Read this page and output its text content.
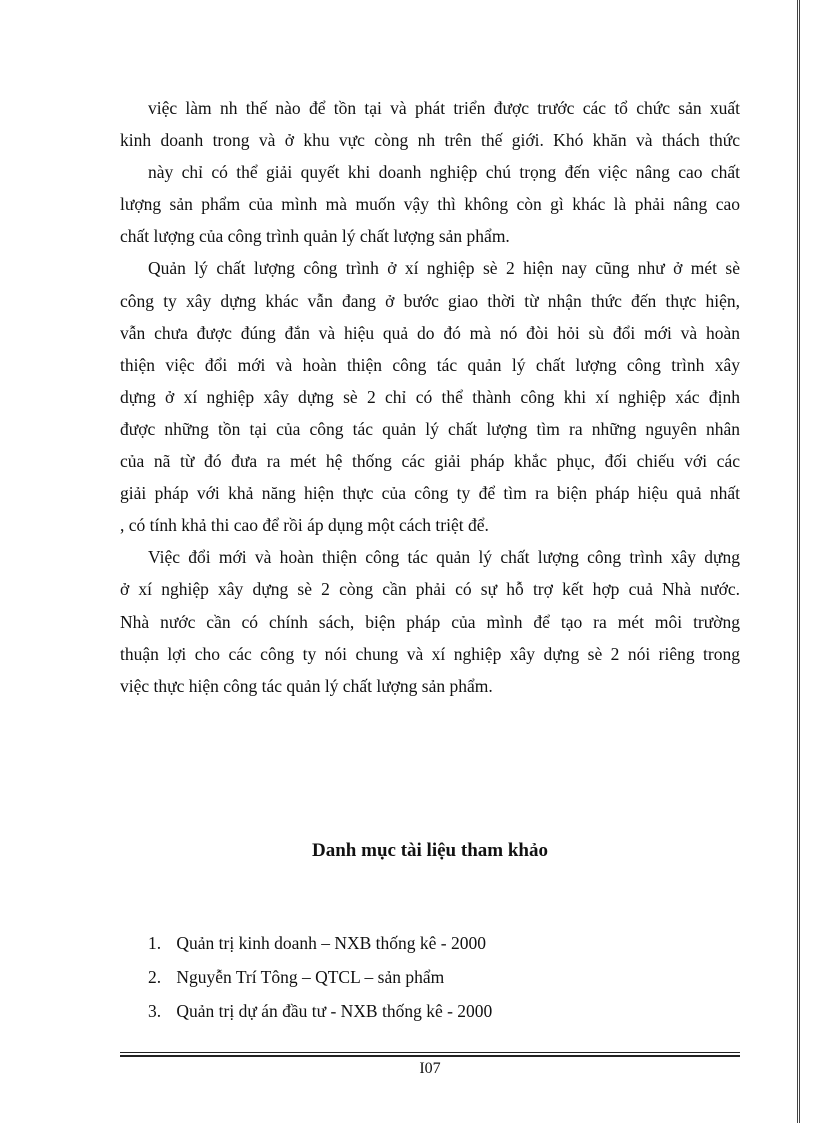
việc làm nh thế nào để tồn tại và phát triển được trước các tổ chức sản xuất
kinh doanh trong và ở khu vực còng nh trên thế giới. Khó khăn và thách thức
này chỉ có thể giải quyết khi doanh nghiệp chú trọng đến việc nâng cao chất
lượng sản phẩm của mình mà muốn vậy thì không còn gì khác là phải nâng cao
chất lượng của công trình quản lý chất lượng sản phẩm.
Quản lý chất lượng công trình ở xí nghiệp sè 2 hiện nay cũng như ở mét sè
công ty xây dựng khác vẫn đang ở bước giao thời từ nhận thức đến thực hiện,
vẫn chưa được đúng đắn và hiệu quả do đó mà nó đòi hỏi sù đổi mới và hoàn
thiện việc đổi mới và hoàn thiện công tác quản lý chất lượng công trình xây
dựng ở xí nghiệp xây dựng sè 2 chỉ có thể thành công khi xí nghiệp xác định
được những tồn tại của công tác quản lý chất lượng tìm ra những nguyên nhân
của nã từ đó đưa ra mét hệ thống các giải pháp khắc phục, đối chiếu với các
giải pháp với khả năng hiện thực của công ty để tìm ra biện pháp hiệu quả nhất
, có tính khả thi cao để rồi áp dụng một cách triệt để.
Việc đổi mới và hoàn thiện công tác quản lý chất lượng công trình xây dựng
ở xí nghiệp xây dựng sè 2 còng cần phải có sự hỗ trợ kết hợp cuả Nhà nước.
Nhà nước cần có chính sách, biện pháp của mình để tạo ra mét môi trường
thuận lợi cho các công ty nói chung và xí nghiệp xây dựng sè 2 nói riêng trong
việc thực hiện công tác quản lý chất lượng sản phẩm.
Danh mục tài liệu tham khảo
1. Quản trị kinh doanh – NXB thống kê - 2000
2. Nguyễn Trí Tông – QTCL – sản phẩm
3. Quản trị dự án đầu tư - NXB thống kê - 2000
I07
